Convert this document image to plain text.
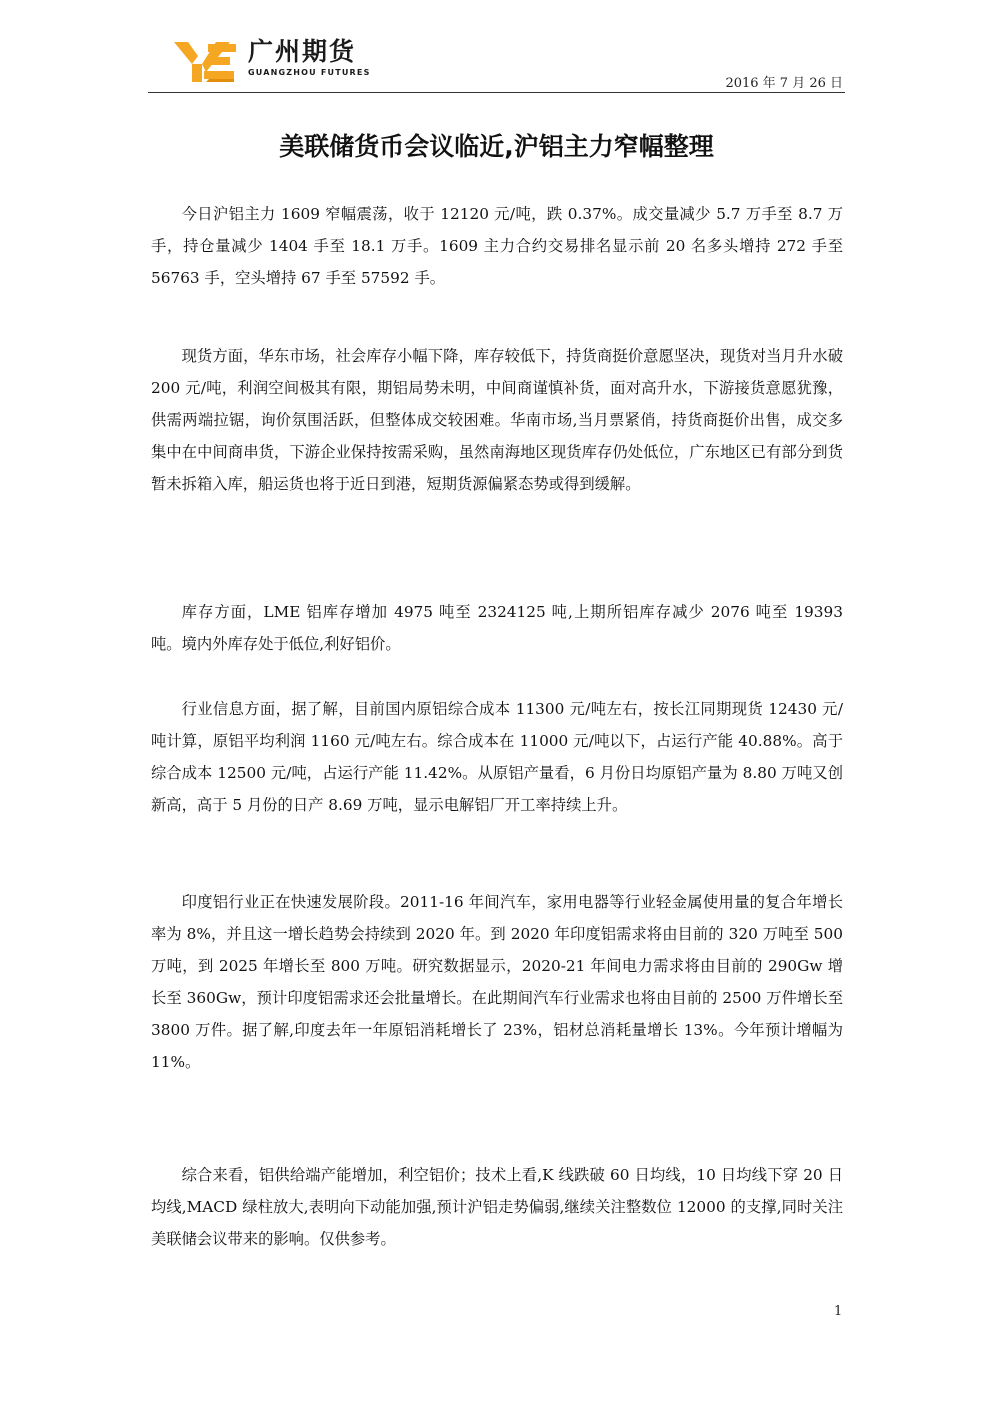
广州期货
GUANGZHOU FUTURES
2016 年 7 月 26 日
美联储货币会议临近,沪铝主力窄幅整理

今日沪铝主力 1609 窄幅震荡，收于 12120 元/吨，跌 0.37%。成交量减少 5.7 万手至 8.7 万手，持仓量减少 1404 手至 18.1 万手。1609 主力合约交易排名显示前 20 名多头增持 272 手至 56763 手，空头增持 67 手至 57592 手。

现货方面，华东市场，社会库存小幅下降，库存较低下，持货商挺价意愿坚决，现货对当月升水破 200 元/吨，利润空间极其有限，期铝局势未明，中间商谨慎补货，面对高升水，下游接货意愿犹豫，供需两端拉锯，询价氛围活跃，但整体成交较困难。华南市场,当月票紧俏，持货商挺价出售，成交多集中在中间商串货，下游企业保持按需采购，虽然南海地区现货库存仍处低位，广东地区已有部分到货暂未拆箱入库，船运货也将于近日到港，短期货源偏紧态势或得到缓解。

库存方面，LME 铝库存增加 4975 吨至 2324125 吨,上期所铝库存减少 2076 吨至 19393 吨。境内外库存处于低位,利好铝价。

行业信息方面，据了解，目前国内原铝综合成本 11300 元/吨左右，按长江同期现货 12430 元/吨计算，原铝平均利润 1160 元/吨左右。综合成本在 11000 元/吨以下，占运行产能 40.88%。高于综合成本 12500 元/吨，占运行产能 11.42%。从原铝产量看，6 月份日均原铝产量为 8.80 万吨又创新高，高于 5 月份的日产 8.69 万吨，显示电解铝厂开工率持续上升。

印度铝行业正在快速发展阶段。2011-16 年间汽车，家用电器等行业轻金属使用量的复合年增长率为 8%，并且这一增长趋势会持续到 2020 年。到 2020 年印度铝需求将由目前的 320 万吨至 500 万吨，到 2025 年增长至 800 万吨。研究数据显示，2020-21 年间电力需求将由目前的 290Gw 增长至 360Gw，预计印度铝需求还会批量增长。在此期间汽车行业需求也将由目前的 2500 万件增长至 3800 万件。据了解,印度去年一年原铝消耗增长了 23%，铝材总消耗量增长 13%。今年预计增幅为 11%。

综合来看，铝供给端产能增加，利空铝价；技术上看,K 线跌破 60 日均线，10 日均线下穿 20 日均线,MACD 绿柱放大,表明向下动能加强,预计沪铝走势偏弱,继续关注整数位 12000 的支撑,同时关注美联储会议带来的影响。仅供参考。

1
